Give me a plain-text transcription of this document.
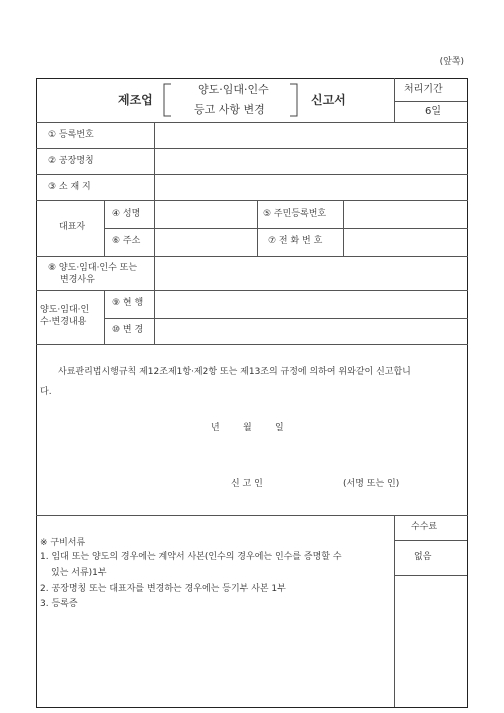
(앞쪽)
제조업
양도·임대·인수
등고 사항 변경
신고서
처리기간
6일
① 등록번호
② 공장명칭
③ 소 재 지
대표자
④ 성명	⑤ 주민등록번호
⑥ 주소	⑦ 전 화 번 호
⑧ 양도·임대·인수 또는
변경사유
양도·임대·인
수·변경내용
⑨ 현 행
⑩ 변 경
사료관리법시행규칙 제12조제1항·제2항 또는 제13조의 규정에 의하여 위와같이 신고합니
다.
년	월	일
신 고 인	(서명 또는 인)
※ 구비서류
1. 임대 또는 양도의 경우에는 계약서 사본(인수의 경우에는 인수를 증명할 수
있는 서류)1부
2. 공장명칭 또는 대표자를 변경하는 경우에는 등기부 사본 1부
3. 등록증
수수료
없음
